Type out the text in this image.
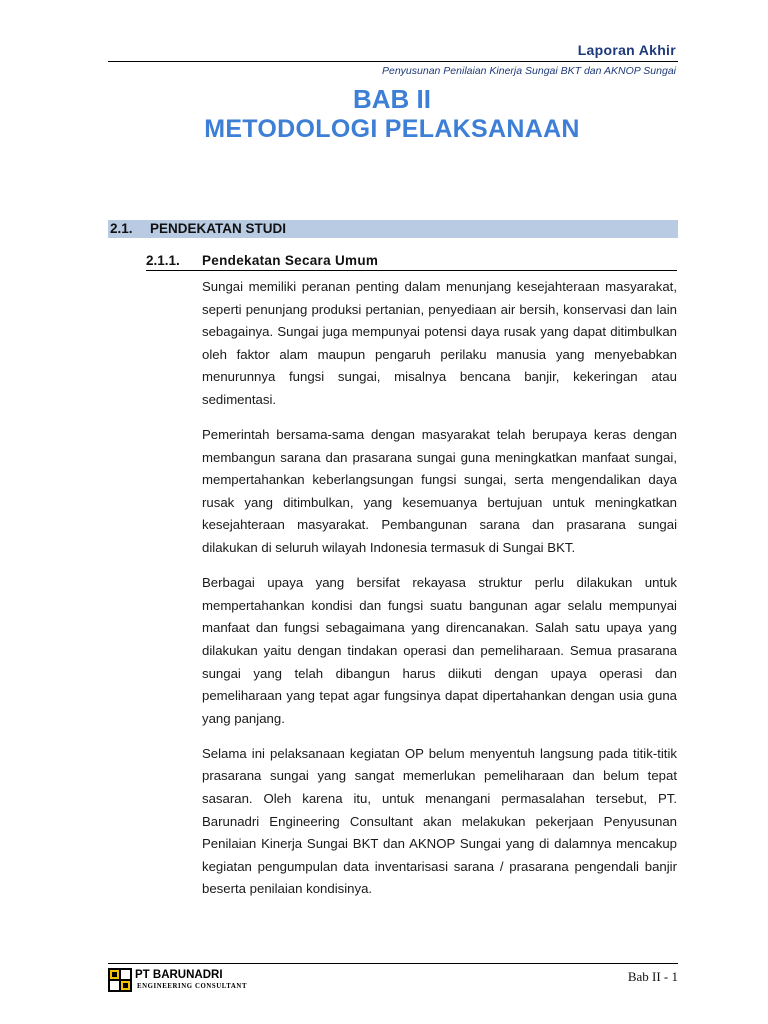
Laporan Akhir
Penyusunan Penilaian Kinerja Sungai BKT dan AKNOP Sungai
BAB II
METODOLOGI PELAKSANAAN
2.1. PENDEKATAN STUDI
2.1.1. Pendekatan Secara Umum

Sungai memiliki peranan penting dalam menunjang kesejahteraan masyarakat, seperti penunjang produksi pertanian, penyediaan air bersih, konservasi dan lain sebagainya. Sungai juga mempunyai potensi daya rusak yang dapat ditimbulkan oleh faktor alam maupun pengaruh perilaku manusia yang menyebabkan menurunnya fungsi sungai, misalnya bencana banjir, kekeringan atau sedimentasi.

Pemerintah bersama-sama dengan masyarakat telah berupaya keras dengan membangun sarana dan prasarana sungai guna meningkatkan manfaat sungai, mempertahankan keberlangsungan fungsi sungai, serta mengendalikan daya rusak yang ditimbulkan, yang kesemuanya bertujuan untuk meningkatkan kesejahteraan masyarakat. Pembangunan sarana dan prasarana sungai dilakukan di seluruh wilayah Indonesia termasuk di Sungai BKT.

Berbagai upaya yang bersifat rekayasa struktur perlu dilakukan untuk mempertahankan kondisi dan fungsi suatu bangunan agar selalu mempunyai manfaat dan fungsi sebagaimana yang direncanakan. Salah satu upaya yang dilakukan yaitu dengan tindakan operasi dan pemeliharaan. Semua prasarana sungai yang telah dibangun harus diikuti dengan upaya operasi dan pemeliharaan yang tepat agar fungsinya dapat dipertahankan dengan usia guna yang panjang.

Selama ini pelaksanaan kegiatan OP belum menyentuh langsung pada titik-titik prasarana sungai yang sangat memerlukan pemeliharaan dan belum tepat sasaran. Oleh karena itu, untuk menangani permasalahan tersebut, PT. Barunadri Engineering Consultant akan melakukan pekerjaan Penyusunan Penilaian Kinerja Sungai BKT dan AKNOP Sungai yang di dalamnya mencakup kegiatan pengumpulan data inventarisasi sarana / prasarana pengendali banjir beserta penilaian kondisinya.

PT BARUNADRI
ENGINEERING CONSULTANT
Bab II - 1
